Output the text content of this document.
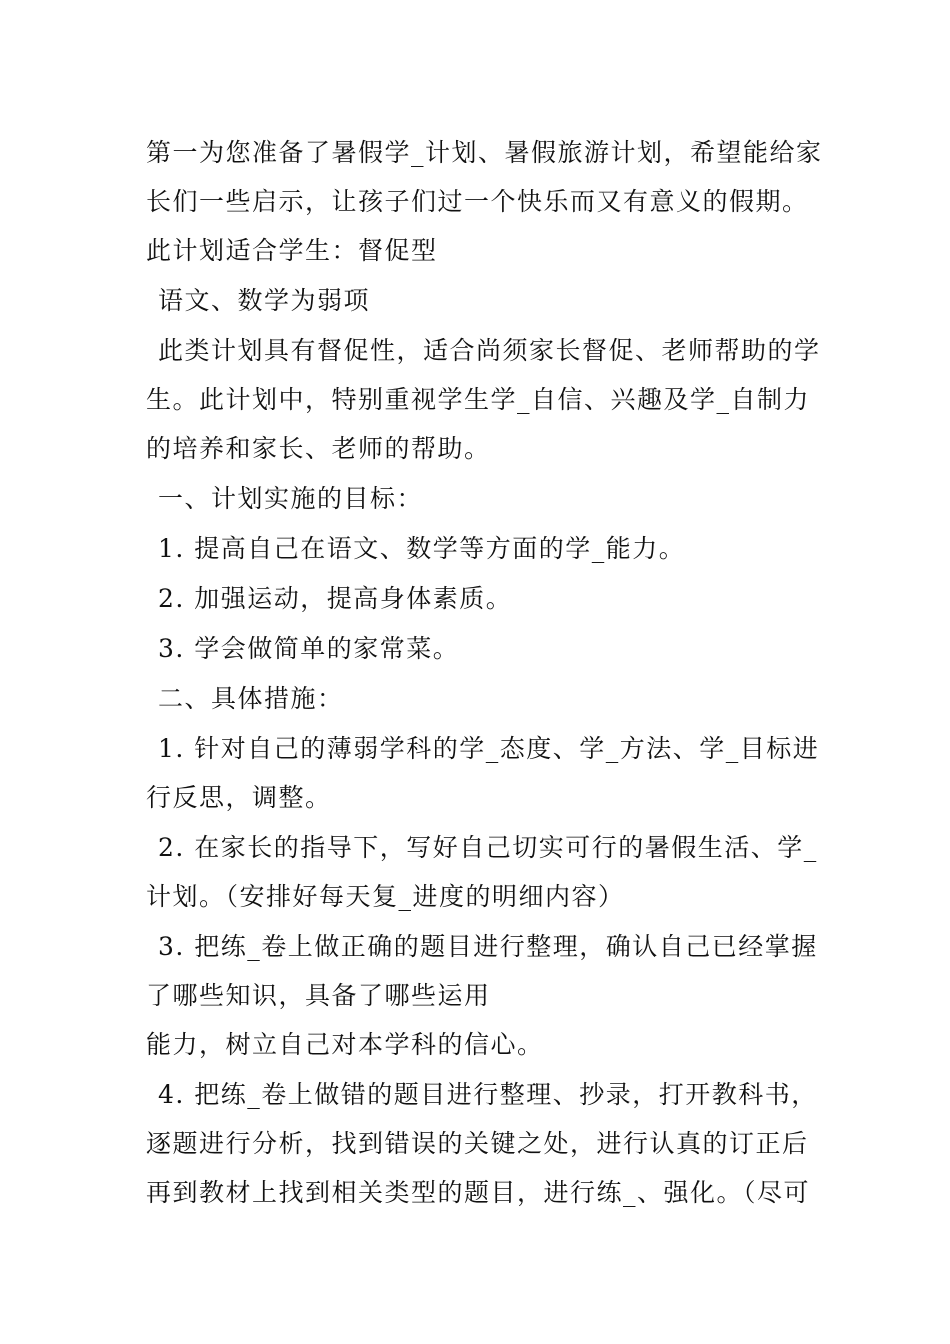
第一为您准备了暑假学_计划、暑假旅游计划，希望能给家
长们一些启示，让孩子们过一个快乐而又有意义的假期。
此计划适合学生：督促型
语文、数学为弱项
此类计划具有督促性，适合尚须家长督促、老师帮助的学
生。此计划中，特别重视学生学_自信、兴趣及学_自制力
的培养和家长、老师的帮助。
一、计划实施的目标：
1. 提高自己在语文、数学等方面的学_能力。
2. 加强运动，提高身体素质。
3. 学会做简单的家常菜。
二、具体措施：
1. 针对自己的薄弱学科的学_态度、学_方法、学_目标进
行反思，调整。
2. 在家长的指导下，写好自己切实可行的暑假生活、学_
计划。（安排好每天复_进度的明细内容）
3. 把练_卷上做正确的题目进行整理，确认自己已经掌握
了哪些知识，具备了哪些运用
能力，树立自己对本学科的信心。
4. 把练_卷上做错的题目进行整理、抄录，打开教科书，
逐题进行分析，找到错误的关键之处，进行认真的订正后
再到教材上找到相关类型的题目，进行练_、强化。（尽可
